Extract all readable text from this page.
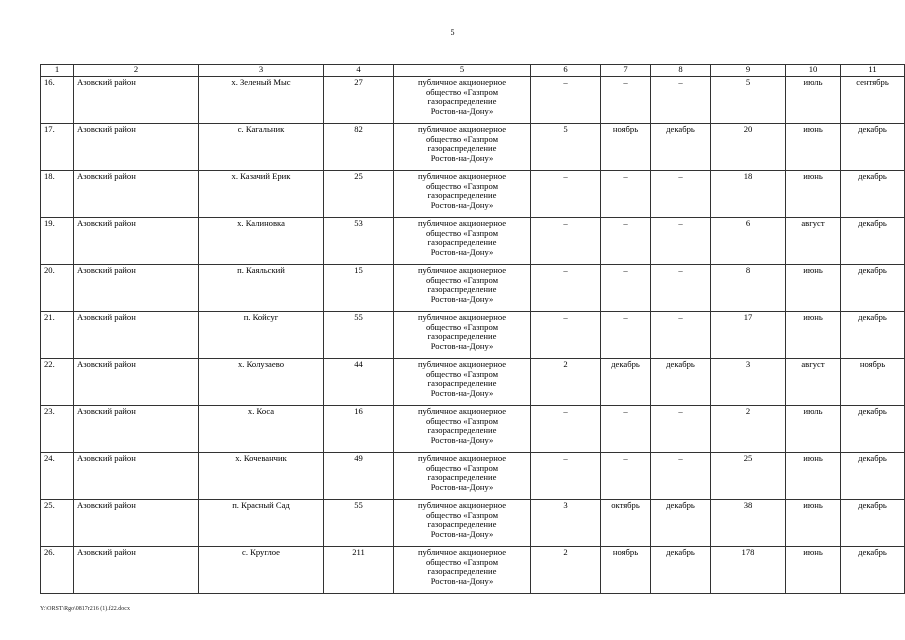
5
1	2	3	4	5	6	7	8	9	10	11
16.	Азовский район	х. Зеленый Мыс	27	публичное акционерное
общество «Газпром
газораспределение
Ростов-на-Дону»	–	–	–	5	июль	сентябрь
17.	Азовский район	с. Кагальник	82	публичное акционерное
общество «Газпром
газораспределение
Ростов-на-Дону»	5	ноябрь	декабрь	20	июнь	декабрь
18.	Азовский район	х. Казачий Ерик	25	публичное акционерное
общество «Газпром
газораспределение
Ростов-на-Дону»	–	–	–	18	июнь	декабрь
19.	Азовский район	х. Калиновка	53	публичное акционерное
общество «Газпром
газораспределение
Ростов-на-Дону»	–	–	–	6	август	декабрь
20.	Азовский район	п. Каяльский	15	публичное акционерное
общество «Газпром
газораспределение
Ростов-на-Дону»	–	–	–	8	июнь	декабрь
21.	Азовский район	п. Койсуг	55	публичное акционерное
общество «Газпром
газораспределение
Ростов-на-Дону»	–	–	–	17	июнь	декабрь
22.	Азовский район	х. Колузаево	44	публичное акционерное
общество «Газпром
газораспределение
Ростов-на-Дону»	2	декабрь	декабрь	3	август	ноябрь
23.	Азовский район	х. Коса	16	публичное акционерное
общество «Газпром
газораспределение
Ростов-на-Дону»	–	–	–	2	июль	декабрь
24.	Азовский район	х. Кочеванчик	49	публичное акционерное
общество «Газпром
газораспределение
Ростов-на-Дону»	–	–	–	25	июнь	декабрь
25.	Азовский район	п. Красный Сад	55	публичное акционерное
общество «Газпром
газораспределение
Ростов-на-Дону»	3	октябрь	декабрь	38	июнь	декабрь
26.	Азовский район	с. Круглое	211	публичное акционерное
общество «Газпром
газораспределение
Ростов-на-Дону»	2	ноябрь	декабрь	178	июнь	декабрь
Y:\ORST\Rgo\0817r216 (1).f22.docx
